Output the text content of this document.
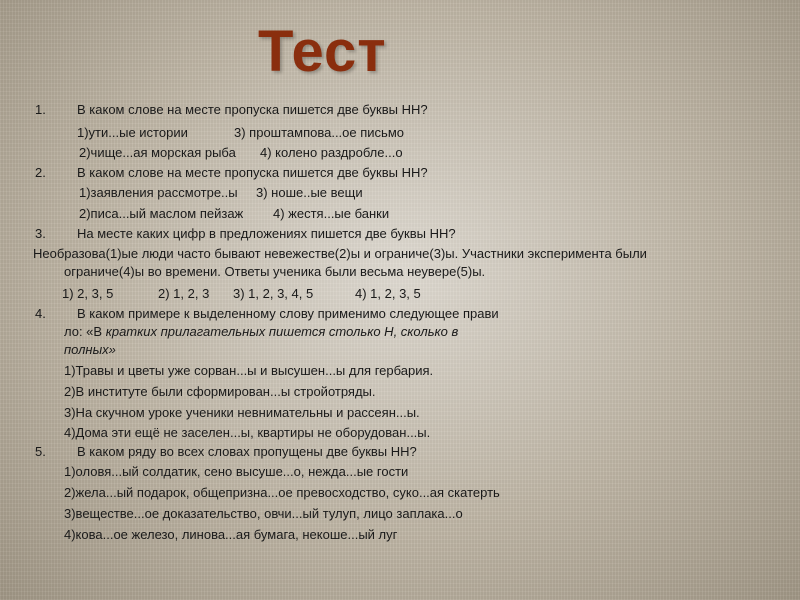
Тест
1. В каком слове на месте пропуска пишется две буквы НН?
1)ути...ые истории	3) проштампова...ое письмо
2)чище...ая морская рыба 4) колено раздробле...о
2. В каком слове на месте пропуска пишется две буквы НН?
1)заявления рассмотре..ы 3) ноше..ые вещи
2)писа...ый маслом пейзаж 4) жестя...ые банки
3. На месте каких цифр в предложениях пишется две буквы НН?
Необразова(1)ые люди часто бывают невежестве(2)ы и ограниче(3)ы. Участники эксперимента были
ограниче(4)ы во времени. Ответы ученика были весьма неувере(5)ы.
1) 2, 3, 5	2) 1, 2, 3 3) 1, 2, 3, 4, 5	4) 1, 2, 3, 5
4. В каком примере к выделенному слову применимо следующее прави
ло: «В кратких прилагательных пишется столько Н, сколько в
полных»
1)Травы и цветы уже сорван...ы и высушен...ы для гербария.
2)В институте были сформирован...ы стройотряды.
3)На скучном уроке ученики невнимательны и рассеян...ы.
4)Дома эти ещё не заселен...ы, квартиры не оборудован...ы.
5. В каком ряду во всех словах пропущены две буквы НН?
1)оловя...ый солдатик, сено высуше...о, нежда...ые гости
2)жела...ый подарок, общепризна...ое превосходство, суко...ая скатерть
3)веществе...ое доказательство, овчи...ый тулуп, лицо заплака...о
4)кова...ое железо, линова...ая бумага, некоше...ый луг
